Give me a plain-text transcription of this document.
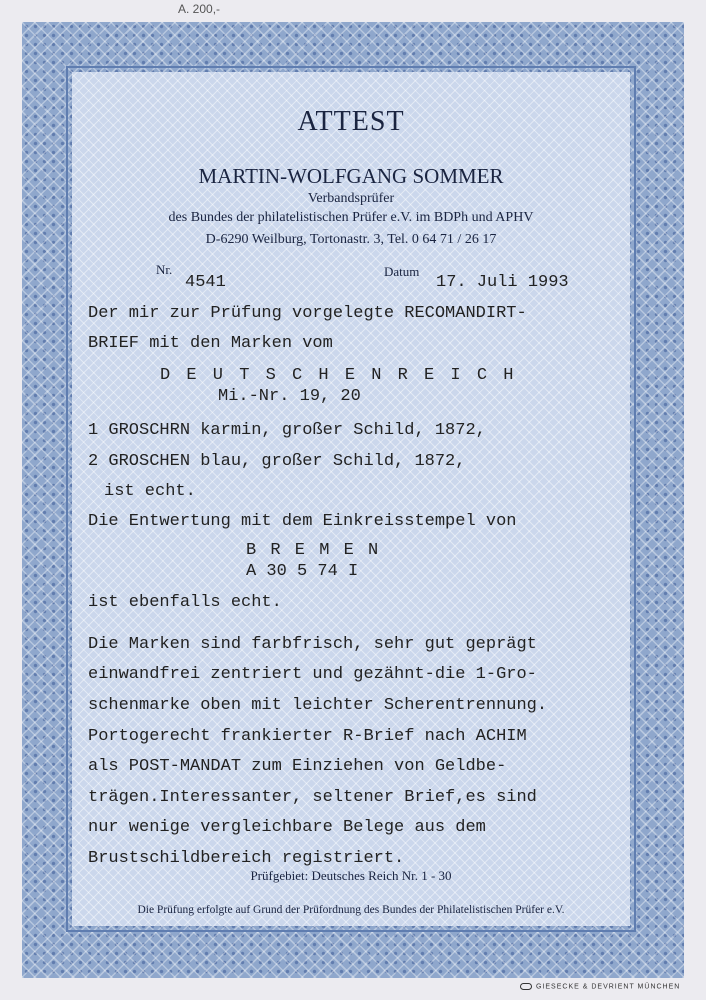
A. 200,-
ATTEST
MARTIN-WOLFGANG SOMMER
Verbandsprüfer
des Bundes der philatelistischen Prüfer e.V. im BDPh und APHV
D-6290 Weilburg, Tortonastr. 3, Tel. 0 64 71 / 26 17
Nr.
4541
Datum
17. Juli 1993
Der mir zur Prüfung vorgelegte RECOMANDIRT-
BRIEF mit den Marken vom
D E U T S C H E N R E I C H
Mi.-Nr. 19, 20
1 GROSCHRN karmin, großer Schild, 1872,
2 GROSCHEN blau, großer Schild, 1872,
ist echt.
Die Entwertung mit dem Einkreisstempel von
B R E M E N
A 30 5 74 I
ist ebenfalls echt.
Die Marken sind farbfrisch, sehr gut geprägt
einwandfrei zentriert und gezähnt-die 1-Gro-
schenmarke oben mit leichter Scherentrennung.
Portogerecht frankierter R-Brief nach ACHIM
als POST-MANDAT zum Einziehen von Geldbe-
trägen.Interessanter, seltener Brief,es sind
nur wenige vergleichbare Belege aus dem
Brustschildbereich registriert.
Prüfgebiet: Deutsches Reich Nr. 1 - 30
Die Prüfung erfolgte auf Grund der Prüfordnung des Bundes der Philatelistischen Prüfer e.V.
GIESECKE & DEVRIENT MÜNCHEN
